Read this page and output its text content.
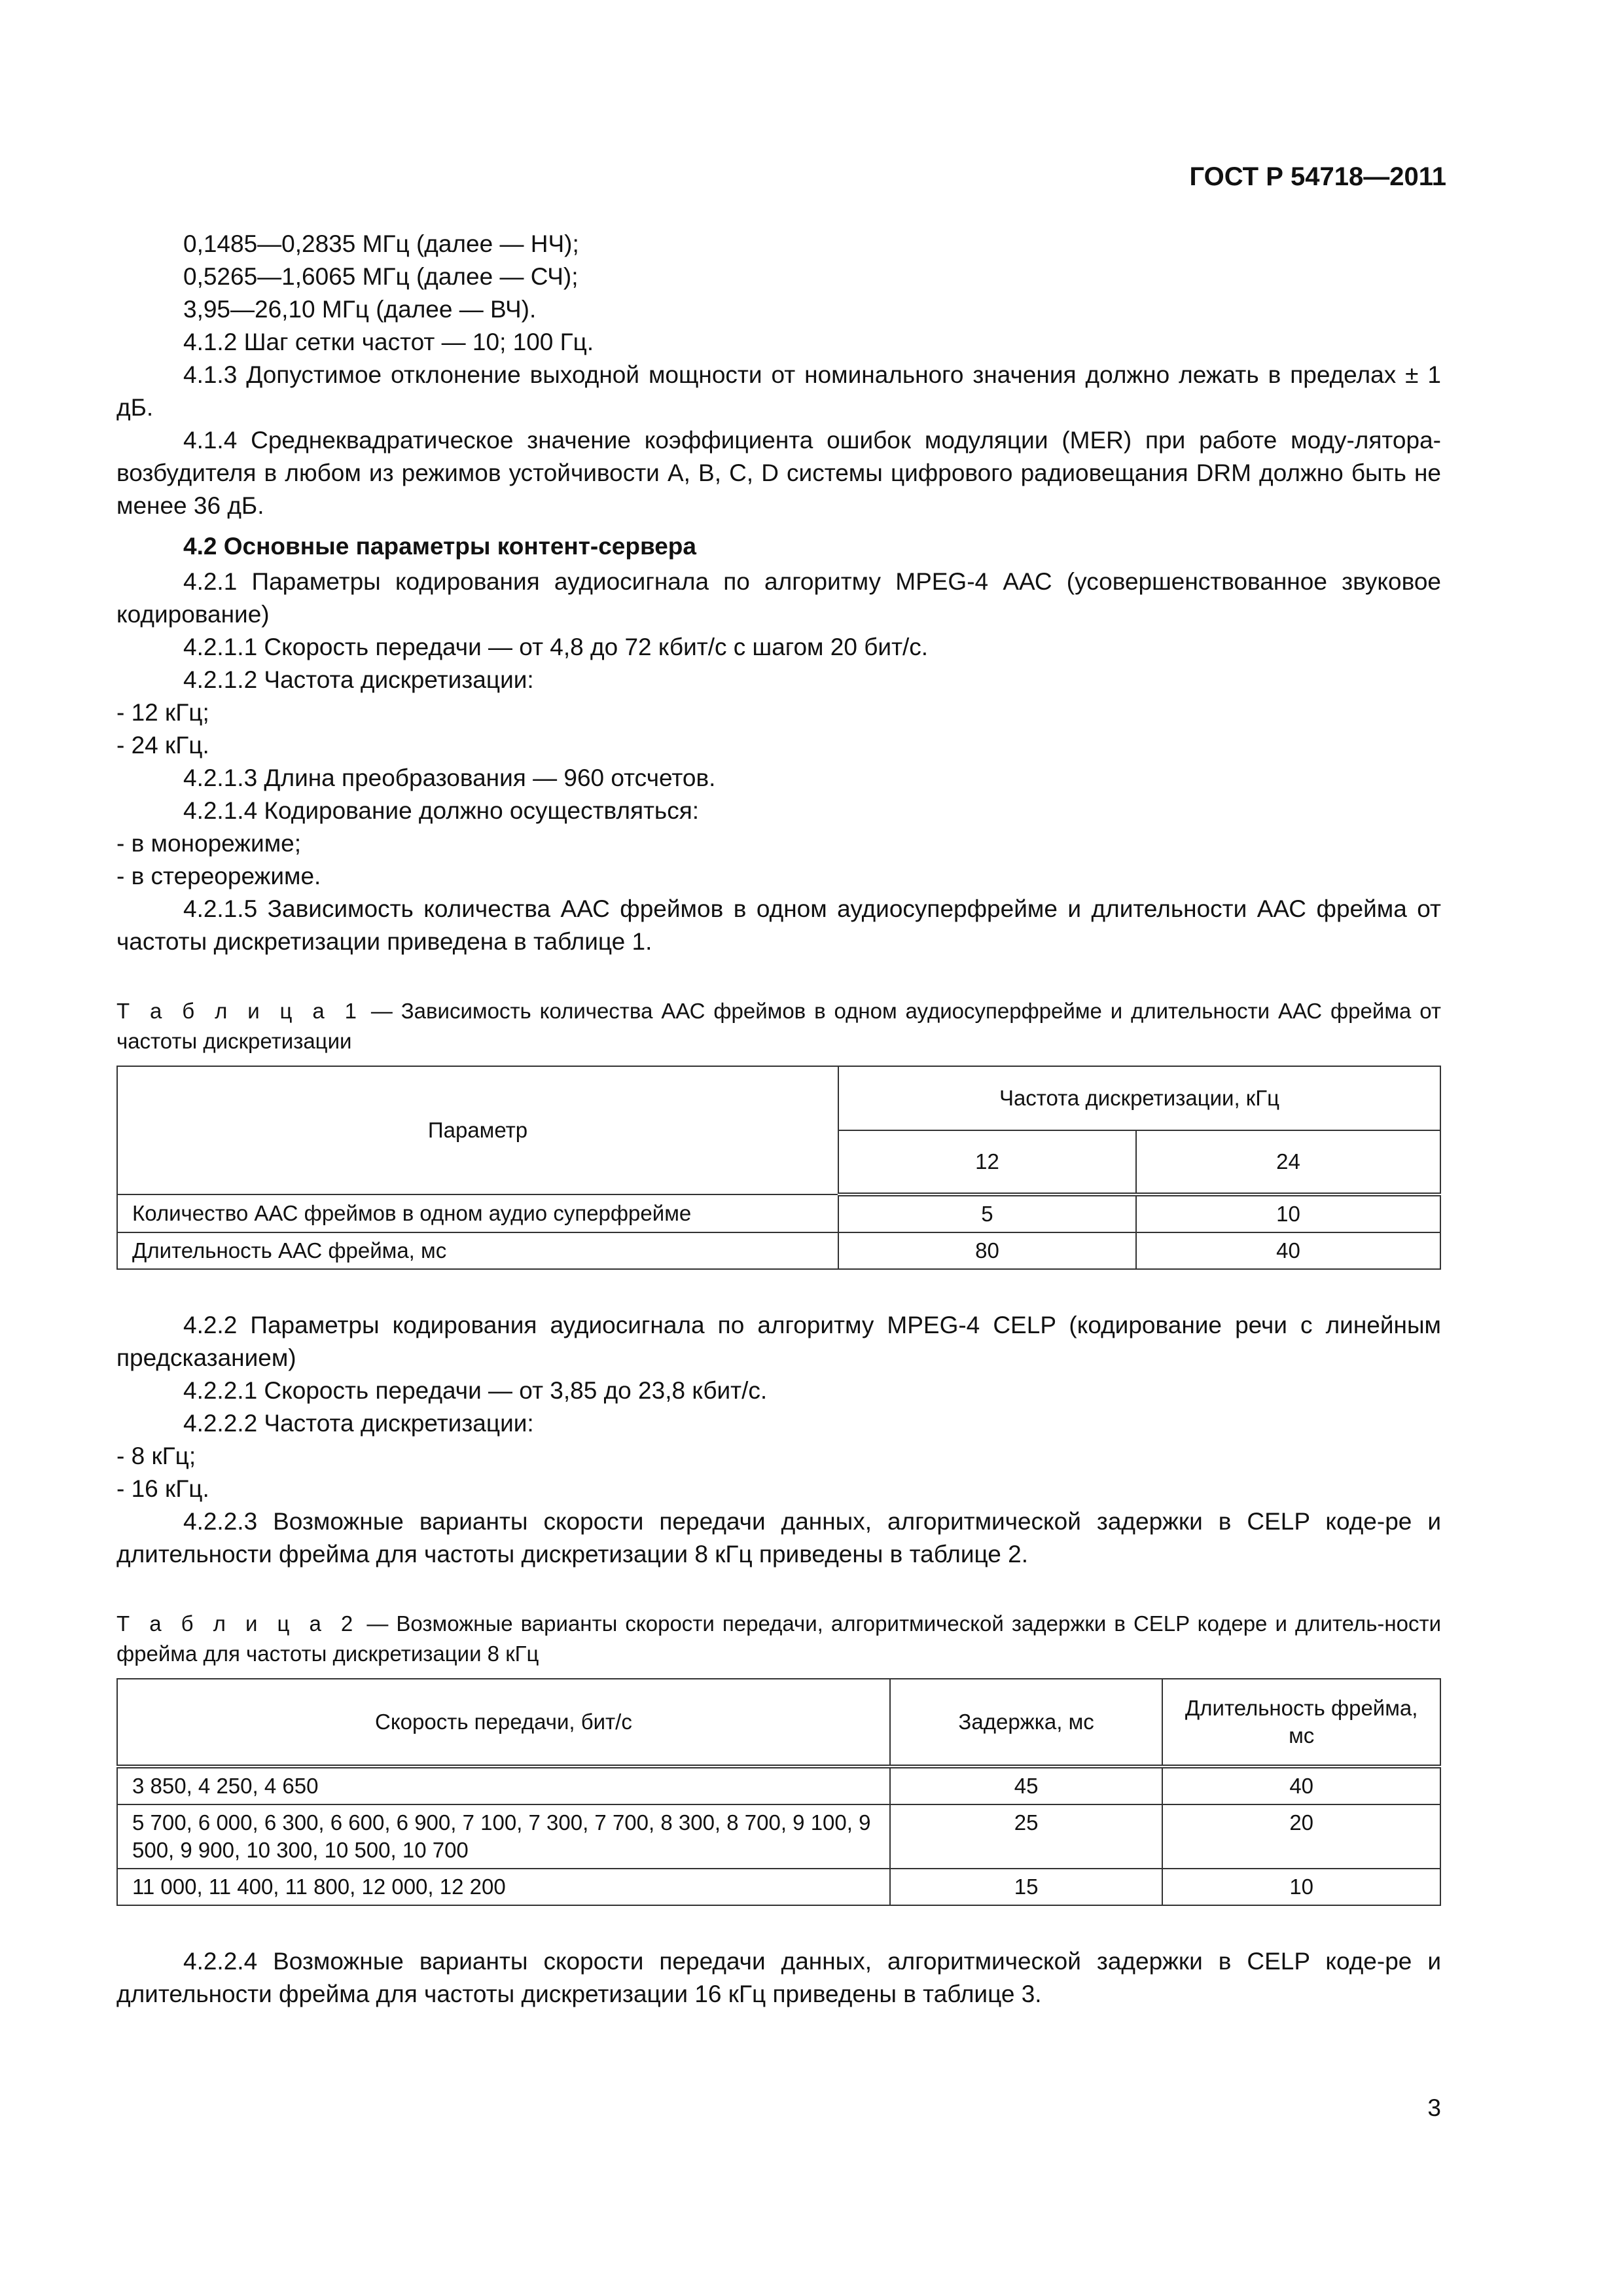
ГОСТ Р 54718—2011

0,1485—0,2835 МГц (далее — НЧ);

0,5265—1,6065 МГц (далее — СЧ);

3,95—26,10 МГц (далее — ВЧ).

4.1.2 Шаг сетки частот — 10; 100 Гц.

4.1.3 Допустимое отклонение выходной мощности от номинального значения должно лежать в пределах ± 1 дБ.

4.1.4 Среднеквадратическое значение коэффициента ошибок модуляции (MER) при работе моду-лятора-возбудителя в любом из режимов устойчивости А, В, С, D системы цифрового радиовещания DRM должно быть не менее 36 дБ.

4.2 Основные параметры контент-сервера

4.2.1 Параметры кодирования аудиосигнала по алгоритму MPEG-4 ААС (усовершенствованное звуковое кодирование)

4.2.1.1 Скорость передачи — от 4,8 до 72 кбит/с с шагом 20 бит/с.

4.2.1.2 Частота дискретизации:

- 12 кГц;

- 24 кГц.

4.2.1.3 Длина преобразования — 960 отсчетов.

4.2.1.4 Кодирование должно осуществляться:

- в монорежиме;

- в стереорежиме.

4.2.1.5 Зависимость количества ААС фреймов в одном аудиосуперфрейме и длительности ААС фрейма от частоты дискретизации приведена в таблице 1.

Т а б л и ц а 1 — Зависимость количества ААС фреймов в одном аудиосуперфрейме и длительности ААС фрейма от частоты дискретизации
Параметр	Частота дискретизации, кГц	
	12	24
Количество ААС фреймов в одном аудио суперфрейме	5	10
Длительность ААС фрейма, мс	80	40

4.2.2 Параметры кодирования аудиосигнала по алгоритму MPEG-4 CELP (кодирование речи с линейным предсказанием)

4.2.2.1 Скорость передачи — от 3,85 до 23,8 кбит/с.

4.2.2.2 Частота дискретизации:

- 8 кГц;

- 16 кГц.

4.2.2.3 Возможные варианты скорости передачи данных, алгоритмической задержки в CELP коде-ре и длительности фрейма для частоты дискретизации 8 кГц приведены в таблице 2.

Т а б л и ц а 2 — Возможные варианты скорости передачи, алгоритмической задержки в CELP кодере и длитель-ности фрейма для частоты дискретизации 8 кГц
Скорость передачи, бит/с	Задержка, мс	Длительность фрейма, мс
3 850, 4 250, 4 650	45	40
5 700, 6 000, 6 300, 6 600, 6 900, 7 100, 7 300, 7 700, 8 300, 8 700, 9 100, 9 500, 9 900, 10 300, 10 500, 10 700	25	20
11 000, 11 400, 11 800, 12 000, 12 200	15	10

4.2.2.4 Возможные варианты скорости передачи данных, алгоритмической задержки в CELP коде-ре и длительности фрейма для частоты дискретизации 16 кГц приведены в таблице 3.

3
